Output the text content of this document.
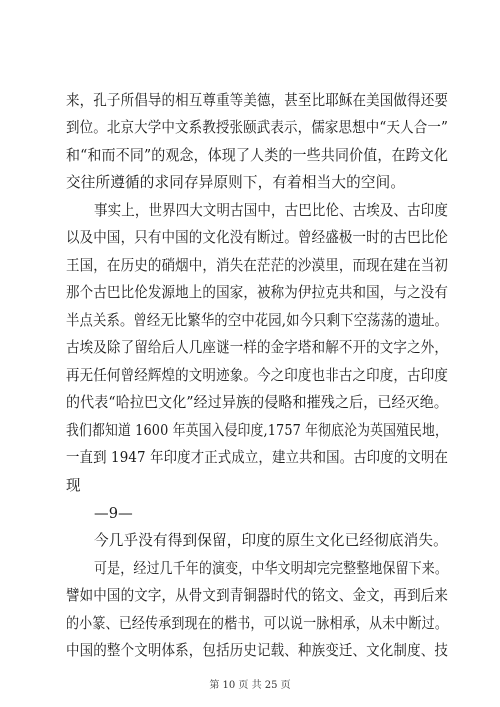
来，孔子所倡导的相互尊重等美德，甚至比耶稣在美国做得还要
到位。北京大学中文系教授张颐武表示，儒家思想中“天人合一”
和“和而不同”的观念，体现了人类的一些共同价值，在跨文化
交往所遵循的求同存异原则下，有着相当大的空间。
事实上，世界四大文明古国中，古巴比伦、古埃及、古印度
以及中国，只有中国的文化没有断过。曾经盛极一时的古巴比伦
王国，在历史的硝烟中，消失在茫茫的沙漠里，而现在建在当初
那个古巴比伦发源地上的国家，被称为伊拉克共和国，与之没有
半点关系。曾经无比繁华的空中花园,如今只剩下空荡荡的遗址。
古埃及除了留给后人几座谜一样的金字塔和解不开的文字之外，
再无任何曾经辉煌的文明迹象。今之印度也非古之印度，古印度
的代表“哈拉巴文化”经过异族的侵略和摧残之后，已经灭绝。
我们都知道 1600 年英国入侵印度,1757 年彻底沦为英国殖民地，
一直到 1947 年印度才正式成立，建立共和国。古印度的文明在
现
—9—
今几乎没有得到保留，印度的原生文化已经彻底消失。
可是，经过几千年的演变，中华文明却完完整整地保留下来。
譬如中国的文字，从骨文到青铜器时代的铭文、金文，再到后来
的小篆、已经传承到现在的楷书，可以说一脉相承，从未中断过。
中国的整个文明体系，包括历史记载、种族变迁、文化制度、技
第 10 页 共 25 页
